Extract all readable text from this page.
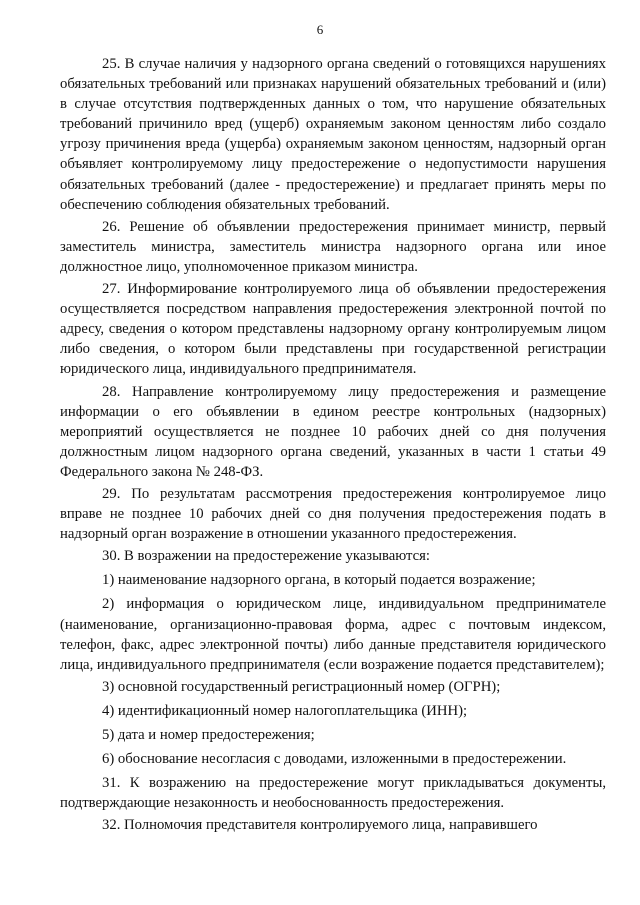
6

25. В случае наличия у надзорного органа сведений о готовящихся нарушениях обязательных требований или признаках нарушений обязательных требований и (или) в случае отсутствия подтвержденных данных о том, что нарушение обязательных требований причинило вред (ущерб) охраняемым законом ценностям либо создало угрозу причинения вреда (ущерба) охраняемым законом ценностям, надзорный орган объявляет контролируемому лицу предостережение о недопустимости нарушения обязательных требований (далее - предостережение) и предлагает принять меры по обеспечению соблюдения обязательных требований.

26. Решение об объявлении предостережения принимает министр, первый заместитель министра, заместитель министра надзорного органа или иное должностное лицо, уполномоченное приказом министра.

27. Информирование контролируемого лица об объявлении предостережения осуществляется посредством направления предостережения электронной почтой по адресу, сведения о котором представлены надзорному органу контролируемым лицом либо сведения, о котором были представлены при государственной регистрации юридического лица, индивидуального предпринимателя.

28. Направление контролируемому лицу предостережения и размещение информации о его объявлении в едином реестре контрольных (надзорных) мероприятий осуществляется не позднее 10 рабочих дней со дня получения должностным лицом надзорного органа сведений, указанных в части 1 статьи 49 Федерального закона № 248-ФЗ.

29. По результатам рассмотрения предостережения контролируемое лицо вправе не позднее 10 рабочих дней со дня получения предостережения подать в надзорный орган возражение в отношении указанного предостережения.

30. В возражении на предостережение указываются:

1) наименование надзорного органа, в который подается возражение;

2) информация о юридическом лице, индивидуальном предпринимателе (наименование, организационно-правовая форма, адрес с почтовым индексом, телефон, факс, адрес электронной почты) либо данные представителя юридического лица, индивидуального предпринимателя (если возражение подается представителем);

3) основной государственный регистрационный номер (ОГРН);

4) идентификационный номер налогоплательщика (ИНН);

5) дата и номер предостережения;

6) обоснование несогласия с доводами, изложенными в предостережении.

31. К возражению на предостережение могут прикладываться документы, подтверждающие незаконность и необоснованность предостережения.

32. Полномочия представителя контролируемого лица, направившего
